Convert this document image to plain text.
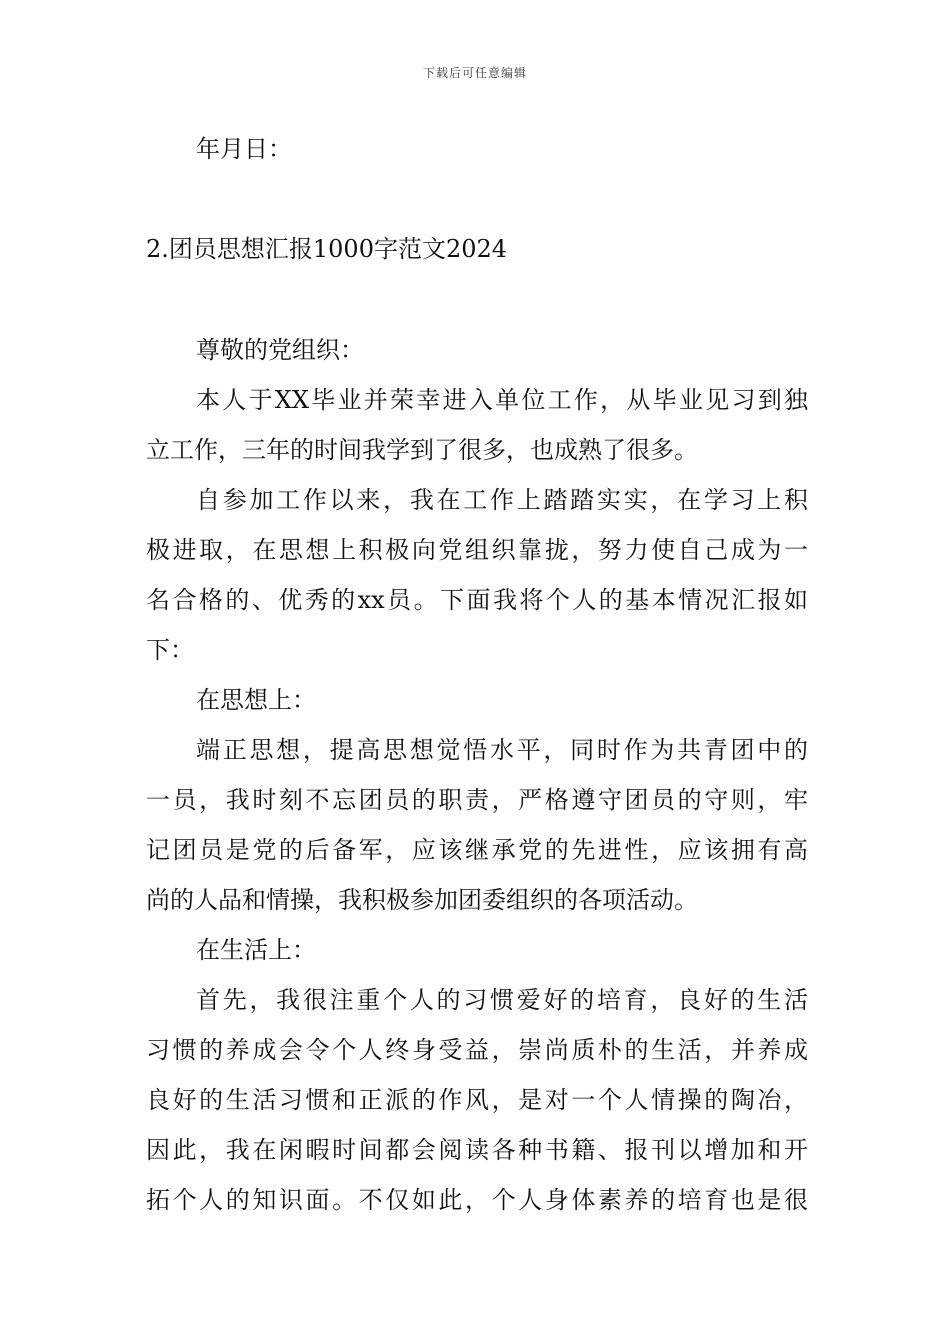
下载后可任意编辑
年月日：
2.团员思想汇报1000字范文2024
尊敬的党组织：
本人于XX毕业并荣幸进入单位工作，从毕业见习到独
立工作，三年的时间我学到了很多，也成熟了很多。
自参加工作以来，我在工作上踏踏实实，在学习上积
极进取，在思想上积极向党组织靠拢，努力使自己成为一
名合格的、优秀的xx员。下面我将个人的基本情况汇报如
下：
在思想上：
端正思想，提高思想觉悟水平，同时作为共青团中的
一员，我时刻不忘团员的职责，严格遵守团员的守则，牢
记团员是党的后备军，应该继承党的先进性，应该拥有高
尚的人品和情操，我积极参加团委组织的各项活动。
在生活上：
首先，我很注重个人的习惯爱好的培育，良好的生活
习惯的养成会令个人终身受益，崇尚质朴的生活，并养成
良好的生活习惯和正派的作风，是对一个人情操的陶冶，
因此，我在闲暇时间都会阅读各种书籍、报刊以增加和开
拓个人的知识面。不仅如此，个人身体素养的培育也是很
